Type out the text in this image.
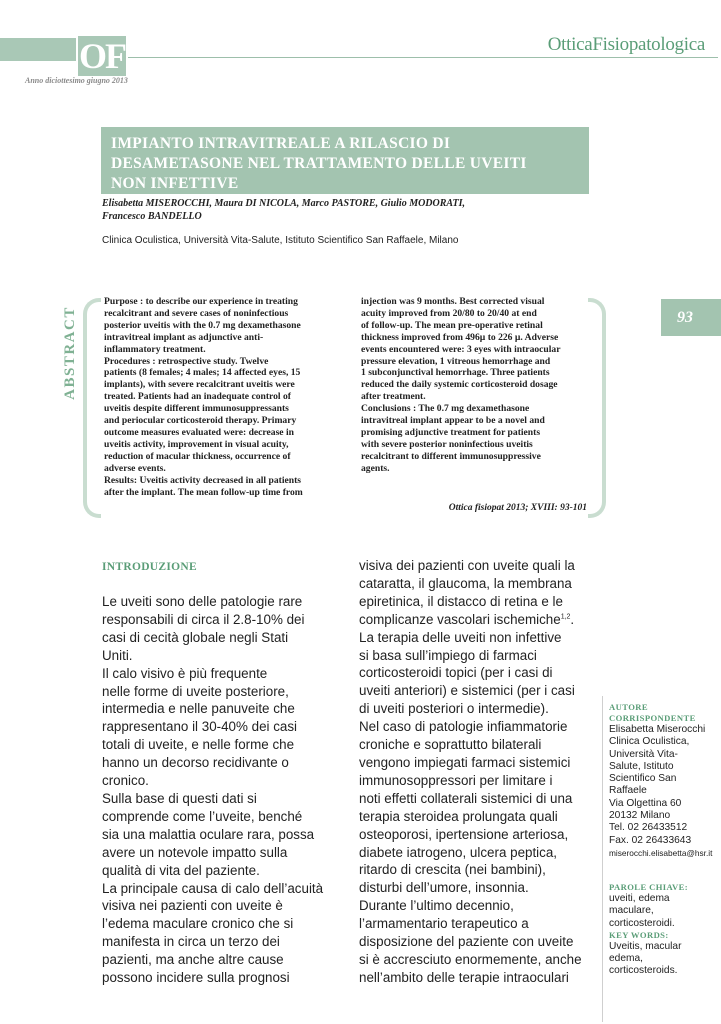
OF	OtticaFisiopatologica
Anno diciottesimo giugno 2013
IMPIANTO INTRAVITREALE A RILASCIO DI
DESAMETASONE NEL TRATTAMENTO DELLE UVEITI
NON INFETTIVE
Elisabetta MISEROCCHI, Maura DI NICOLA, Marco PASTORE, Giulio MODORATI,
Francesco BANDELLO
Clinica Oculistica, Università Vita-Salute, Istituto Scientifico San Raffaele, Milano
ABSTRACT

Purpose : to describe our experience in treating

recalcitrant and severe cases of noninfectious

posterior uveitis with the 0.7 mg dexamethasone

intravitreal implant as adjunctive anti-

inflammatory treatment.

Procedures : retrospective study. Twelve

patients (8 females; 4 males; 14 affected eyes, 15

implants), with severe recalcitrant uveitis were

treated. Patients had an inadequate control of

uveitis despite different immunosuppressants

and periocular corticosteroid therapy. Primary

outcome measures evaluated were: decrease in

uveitis activity, improvement in visual acuity,

reduction of macular thickness, occurrence of

adverse events.

Results: Uveitis activity decreased in all patients

after the implant. The mean follow-up time from

injection was 9 months. Best corrected visual

acuity improved from 20/80 to 20/40 at end

of follow-up. The mean pre-operative retinal

thickness improved from 496µ to 226 µ. Adverse

events encountered were: 3 eyes with intraocular

pressure elevation, 1 vitreous hemorrhage and

1 subconjunctival hemorrhage. Three patients

reduced the daily systemic corticosteroid dosage

after treatment.

Conclusions : The 0.7 mg dexamethasone

intravitreal implant appear to be a novel and

promising adjunctive treatment for patients

with severe posterior noninfectious uveitis

recalcitrant to different immunosuppressive

agents.

Ottica fisiopat 2013; XVIII: 93-101
93
INTRODUZIONE

Le uveiti sono delle patologie rare

responsabili di circa il 2.8-10% dei

casi di cecità globale negli Stati

Uniti.

Il calo visivo è più frequente

nelle forme di uveite posteriore,

intermedia e nelle panuveite che

rappresentano il 30-40% dei casi

totali di uveite, e nelle forme che

hanno un decorso recidivante o

cronico.

Sulla base di questi dati si

comprende come l’uveite, benché

sia una malattia oculare rara, possa

avere un notevole impatto sulla

qualità di vita del paziente.

La principale causa di calo dell’acuità

visiva nei pazienti con uveite è

l’edema maculare cronico che si

manifesta in circa un terzo dei

pazienti, ma anche altre cause

possono incidere sulla prognosi

visiva dei pazienti con uveite quali la

cataratta, il glaucoma, la membrana

epiretinica, il distacco di retina e le

complicanze vascolari ischemiche$^{1,2}$.

La terapia delle uveiti non infettive

si basa sull’impiego di farmaci

corticosteroidi topici (per i casi di

uveiti anteriori) e sistemici (per i casi

di uveiti posteriori o intermedie).

Nel caso di patologie infiammatorie

croniche e soprattutto bilaterali

vengono impiegati farmaci sistemici

immunosoppressori per limitare i

noti effetti collaterali sistemici di una

terapia steroidea prolungata quali

osteoporosi, ipertensione arteriosa,

diabete iatrogeno, ulcera peptica,

ritardo di crescita (nei bambini),

disturbi dell’umore, insonnia.

Durante l’ultimo decennio,

l’armamentario terapeutico a

disposizione del paziente con uveite

si è accresciuto enormemente, anche

nell’ambito delle terapie intraoculari

AUTORE
CORRISPONDENTE
Elisabetta Miserocchi
Clinica Oculistica,
Università Vita-
Salute, Istituto
Scientifico San
Raffaele
Via Olgettina 60
20132 Milano
Tel. 02 26433512
Fax. 02 26433643
miserocchi.elisabetta@hsr.it
PAROLE CHIAVE:
uveiti, edema
maculare,
corticosteroidi.
KEY WORDS:
Uveitis, macular
edema,
corticosteroids.
